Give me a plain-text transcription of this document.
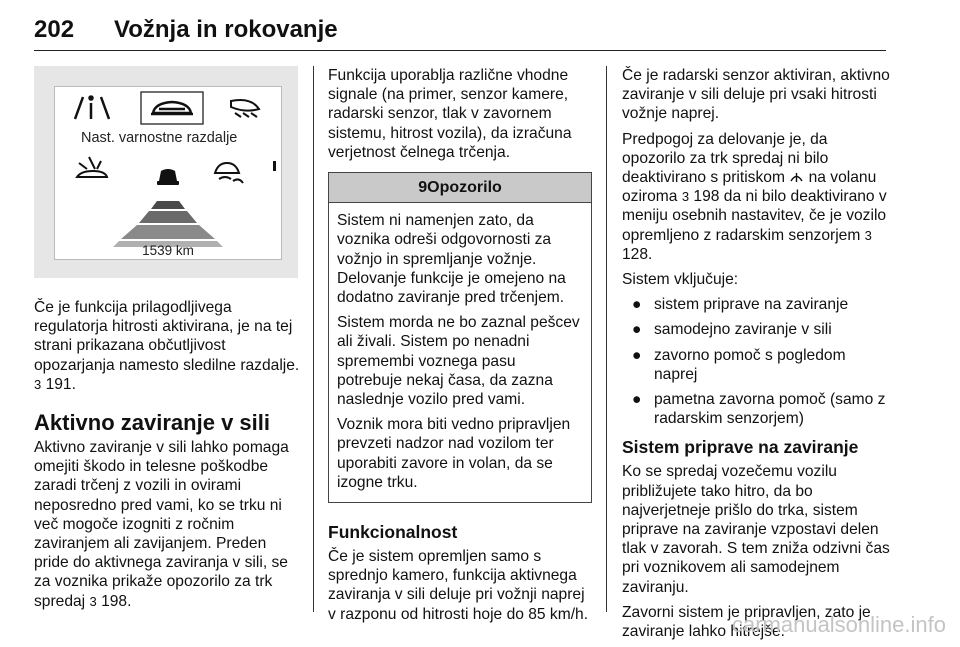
202 Vožnja in rokovanje
Nast. varnostne razdalje
1539 km

Če je funkcija prilagodljivega regulatorja hitrosti aktivirana, je na tej strani prikazana občutljivost opozarjanja namesto sledilne razdalje. 3 191.

Aktivno zaviranje v sili

Aktivno zaviranje v sili lahko pomaga omejiti škodo in telesne poškodbe zaradi trčenj z vozili in ovirami neposredno pred vami, ko se trku ni več mogoče izogniti z ročnim zaviranjem ali zavijanjem. Preden pride do aktivnega zaviranja v sili, se za voznika prikaže opozorilo za trk spredaj 3 198.

Funkcija uporablja različne vhodne signale (na primer, senzor kamere, radarski senzor, tlak v zavornem sistemu, hitrost vozila), da izračuna verjetnost čelnega trčenja.

9Opozorilo

Sistem ni namenjen zato, da voznika odreši odgovornosti za vožnjo in spremljanje vožnje. Delovanje funkcije je omejeno na dodatno zaviranje pred trčenjem.

Sistem morda ne bo zaznal pešcev ali živali. Sistem po nenadni spremembi voznega pasu potrebuje nekaj časa, da zazna naslednje vozilo pred vami.

Voznik mora biti vedno pripravljen prevzeti nadzor nad vozilom ter uporabiti zavore in volan, da se izogne trku.

Funkcionalnost

Če je sistem opremljen samo s sprednjo kamero, funkcija aktivnega zaviranja v sili deluje pri vožnji naprej v razponu od hitrosti hoje do 85 km/h.

Če je radarski senzor aktiviran, aktivno zaviranje v sili deluje pri vsaki hitrosti vožnje naprej.

Predpogoj za delovanje je, da opozorilo za trk spredaj ni bilo deaktivirano s pritiskom na volanu oziroma 3 198 da ni bilo deaktivirano v meniju osebnih nastavitev, če je vozilo opremljeno z radarskim senzorjem 3 128.

Sistem vključuje:

● sistem priprave na zaviranje
● samodejno zaviranje v sili
● zavorno pomoč s pogledom naprej
● pametna zavorna pomoč (samo z radarskim senzorjem)
Sistem priprave na zaviranje

Ko se spredaj vozečemu vozilu približujete tako hitro, da bo najverjetneje prišlo do trka, sistem priprave na zaviranje vzpostavi delen tlak v zavorah. S tem zniža odzivni čas pri voznikovem ali samodejnem zaviranju.

Zavorni sistem je pripravljen, zato je zaviranje lahko hitrejše.

carmanualsonline.info
